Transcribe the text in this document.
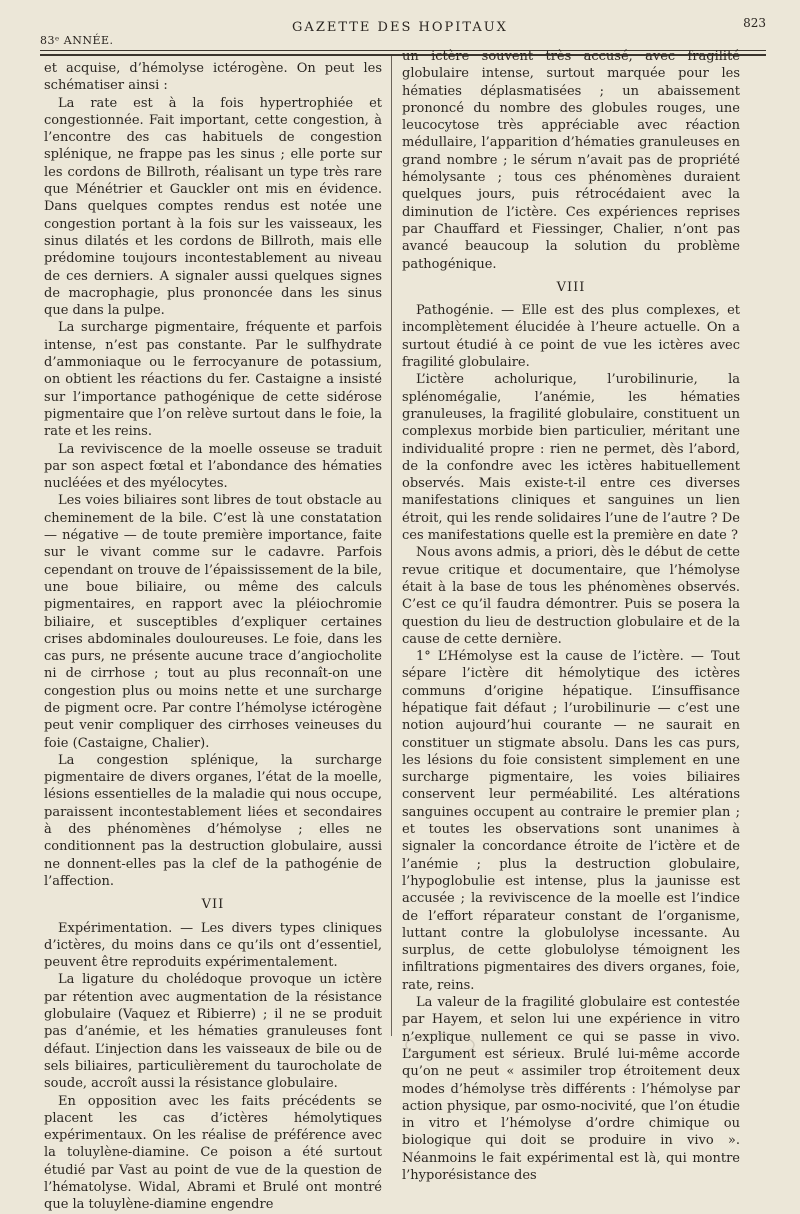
83ᵉ ANNÉE.
GAZETTE DES HOPITAUX	823

et acquise, d’hémolyse ictérogène. On peut les schématiser ainsi :

La rate est à la fois hypertrophiée et congestionnée. Fait important, cette congestion, à l’encontre des cas habituels de congestion splénique, ne frappe pas les sinus ; elle porte sur les cordons de Billroth, réalisant un type très rare que Ménétrier et Gauckler ont mis en évidence. Dans quelques comptes rendus est notée une congestion portant à la fois sur les vaisseaux, les sinus dilatés et les cordons de Billroth, mais elle prédomine toujours incontestablement au niveau de ces derniers. A signaler aussi quelques signes de macrophagie, plus prononcée dans les sinus que dans la pulpe.

La surcharge pigmentaire, fréquente et parfois intense, n’est pas constante. Par le sulfhydrate d’ammoniaque ou le ferrocyanure de potassium, on obtient les réactions du fer. Castaigne a insisté sur l’importance pathogénique de cette sidérose pigmentaire que l’on relève surtout dans le foie, la rate et les reins.

La reviviscence de la moelle osseuse se traduit par son aspect fœtal et l’abondance des hématies nucléées et des myélocytes.

Les voies biliaires sont libres de tout obstacle au cheminement de la bile. C’est là une constatation — négative — de toute première importance, faite sur le vivant comme sur le cadavre. Parfois cependant on trouve de l’épaississement de la bile, une boue biliaire, ou même des calculs pigmentaires, en rapport avec la pléiochromie biliaire, et susceptibles d’expliquer certaines crises abdominales douloureuses. Le foie, dans les cas purs, ne présente aucune trace d’angiocholite ni de cirrhose ; tout au plus reconnaît-on une congestion plus ou moins nette et une surcharge de pigment ocre. Par contre l’hémolyse ictérogène peut venir compliquer des cirrhoses veineuses du foie (Castaigne, Chalier).

La congestion splénique, la surcharge pigmentaire de divers organes, l’état de la moelle, lésions essentielles de la maladie qui nous occupe, paraissent incontestablement liées et secondaires à des phénomènes d’hémolyse ; elles ne conditionnent pas la destruction globulaire, aussi ne donnent-elles pas la clef de la pathogénie de l’affection.

VII

Expérimentation. — Les divers types cliniques d’ictères, du moins dans ce qu’ils ont d’essentiel, peuvent être reproduits expérimentalement.

La ligature du cholédoque provoque un ictère par rétention avec augmentation de la résistance globulaire (Vaquez et Ribierre) ; il ne se produit pas d’anémie, et les hématies granuleuses font défaut. L’injection dans les vaisseaux de bile ou de sels biliaires, particulièrement du taurocholate de soude, accroît aussi la résistance globulaire.

En opposition avec les faits précédents se placent les cas d’ictères hémolytiques expérimentaux. On les réalise de préférence avec la toluylène-diamine. Ce poison a été surtout étudié par Vast au point de vue de la question de l’hématolyse. Widal, Abrami et Brulé ont montré que la toluylène-diamine engendre

un ictère souvent très accusé, avec fragilité globulaire intense, surtout marquée pour les hématies déplasmatisées ; un abaissement prononcé du nombre des globules rouges, une leucocytose très appréciable avec réaction médullaire, l’apparition d’hématies granuleuses en grand nombre ; le sérum n’avait pas de propriété hémolysante ; tous ces phénomènes duraient quelques jours, puis rétrocédaient avec la diminution de l’ictère. Ces expériences reprises par Chauffard et Fiessinger, Chalier, n’ont pas avancé beaucoup la solution du problème pathogénique.

VIII

Pathogénie. — Elle est des plus complexes, et incomplètement élucidée à l’heure actuelle. On a surtout étudié à ce point de vue les ictères avec fragilité globulaire.

L’ictère acholurique, l’urobilinurie, la splénomégalie, l’anémie, les hématies granuleuses, la fragilité globulaire, constituent un complexus morbide bien particulier, méritant une individualité propre : rien ne permet, dès l’abord, de la confondre avec les ictères habituellement observés. Mais existe-t-il entre ces diverses manifestations cliniques et sanguines un lien étroit, qui les rende solidaires l’une de l’autre ? De ces manifestations quelle est la première en date ?

Nous avons admis, a priori, dès le début de cette revue critique et documentaire, que l’hémolyse était à la base de tous les phénomènes observés. C’est ce qu’il faudra démontrer. Puis se posera la question du lieu de destruction globulaire et de la cause de cette dernière.

1° L’Hémolyse est la cause de l’ictère. — Tout sépare l’ictère dit hémolytique des ictères communs d’origine hépatique. L’insuffisance hépatique fait défaut ; l’urobilinurie — c’est une notion aujourd’hui courante — ne saurait en constituer un stigmate absolu. Dans les cas purs, les lésions du foie consistent simplement en une surcharge pigmentaire, les voies biliaires conservent leur perméabilité. Les altérations sanguines occupent au contraire le premier plan ; et toutes les observations sont unanimes à signaler la concordance étroite de l’ictère et de l’anémie ; plus la destruction globulaire, l’hypoglobulie est intense, plus la jaunisse est accusée ; la reviviscence de la moelle est l’indice de l’effort réparateur constant de l’organisme, luttant contre la globulolyse incessante. Au surplus, de cette globulolyse témoignent les infiltrations pigmentaires des divers organes, foie, rate, reins.

La valeur de la fragilité globulaire est contestée par Hayem, et selon lui une expérience in vitro n’explique nullement ce qui se passe in vivo. L’argument est sérieux. Brulé lui-même accorde qu’on ne peut « assimiler trop étroitement deux modes d’hémolyse très différents : l’hémolyse par action physique, par osmo-nocivité, que l’on étudie in vitro et l’hémolyse d’ordre chimique ou biologique qui doit se produire in vivo ». Néanmoins le fait expérimental est là, qui montre l’hyporésistance des
